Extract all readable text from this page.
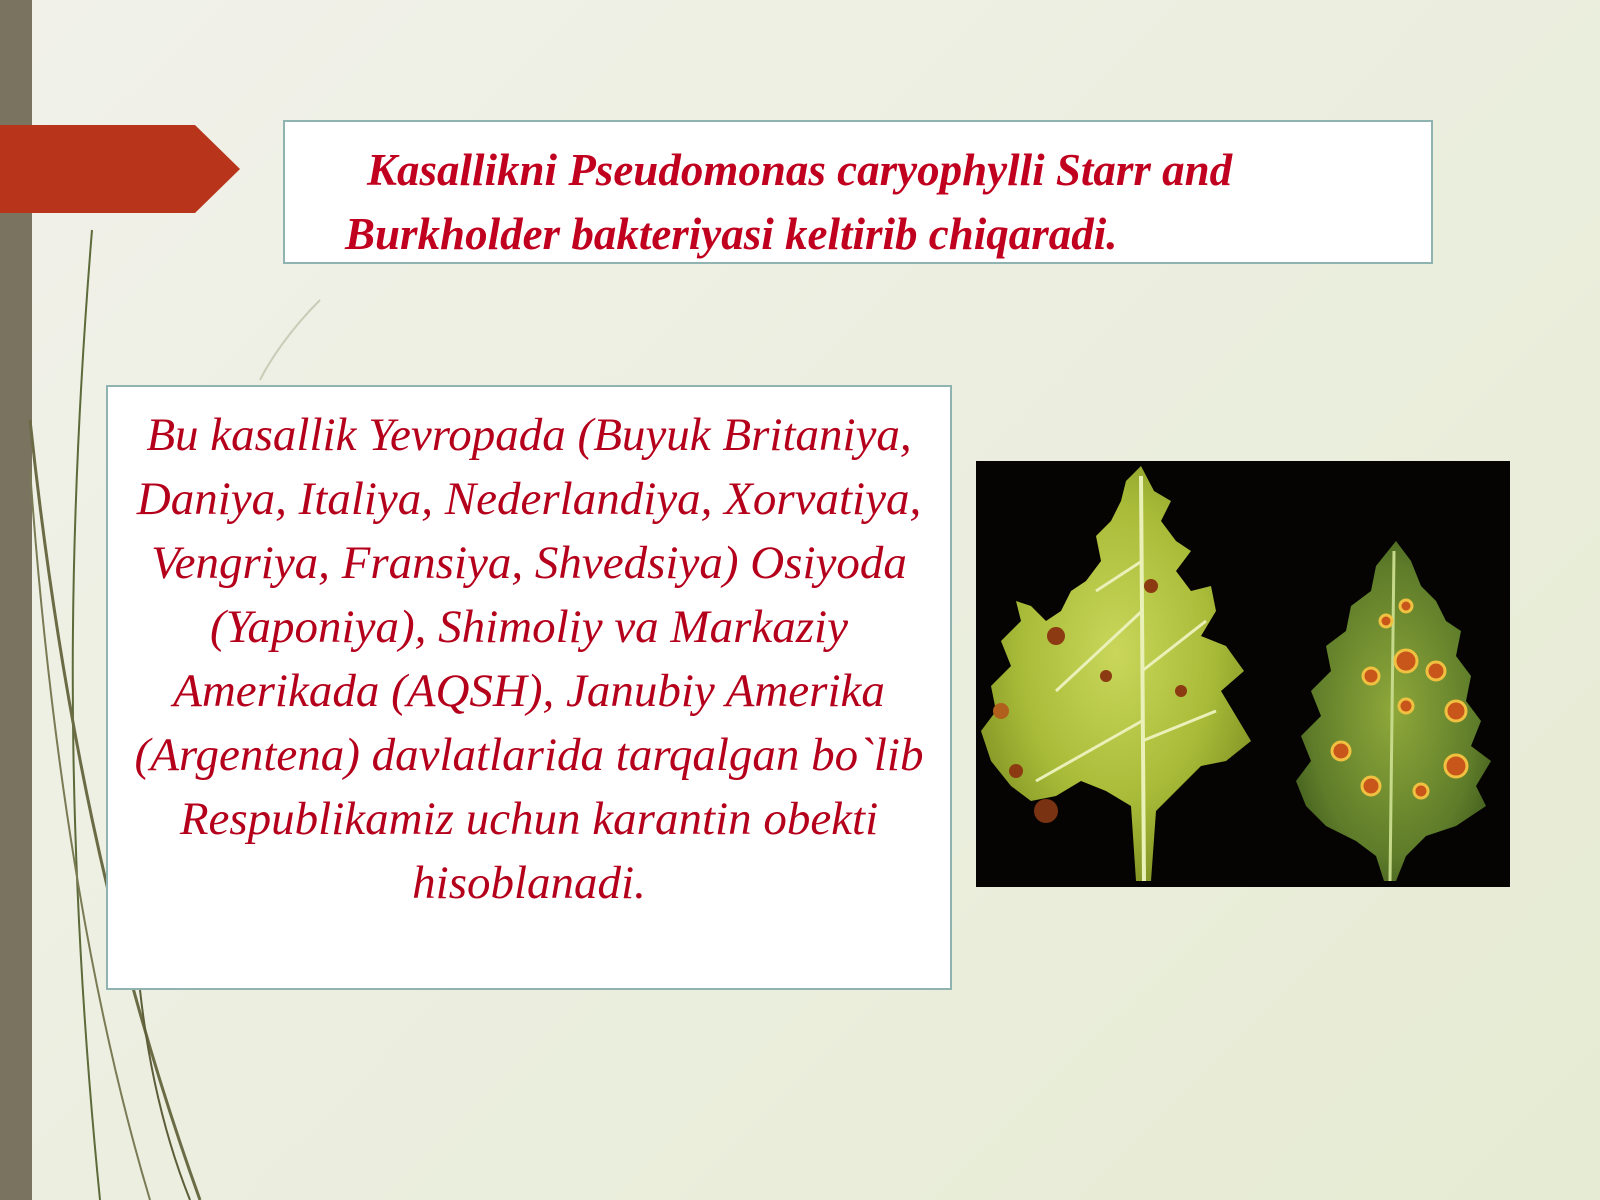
Kasallikni Pseudomonas caryophylli Starr and
Burkholder bakteriyasi keltirib chiqaradi.

Bu kasallik Yevropada (Buyuk Britaniya, Daniya, Italiya, Nederlandiya, Xorvatiya, Vengriya, Fransiya, Shvedsiya) Osiyoda (Yaponiya), Shimoliy va Markaziy Amerikada (AQSH), Janubiy Amerika (Argentena) davlatlarida tarqalgan bo`lib Respublikamiz uchun karantin obekti hisoblanadi.
